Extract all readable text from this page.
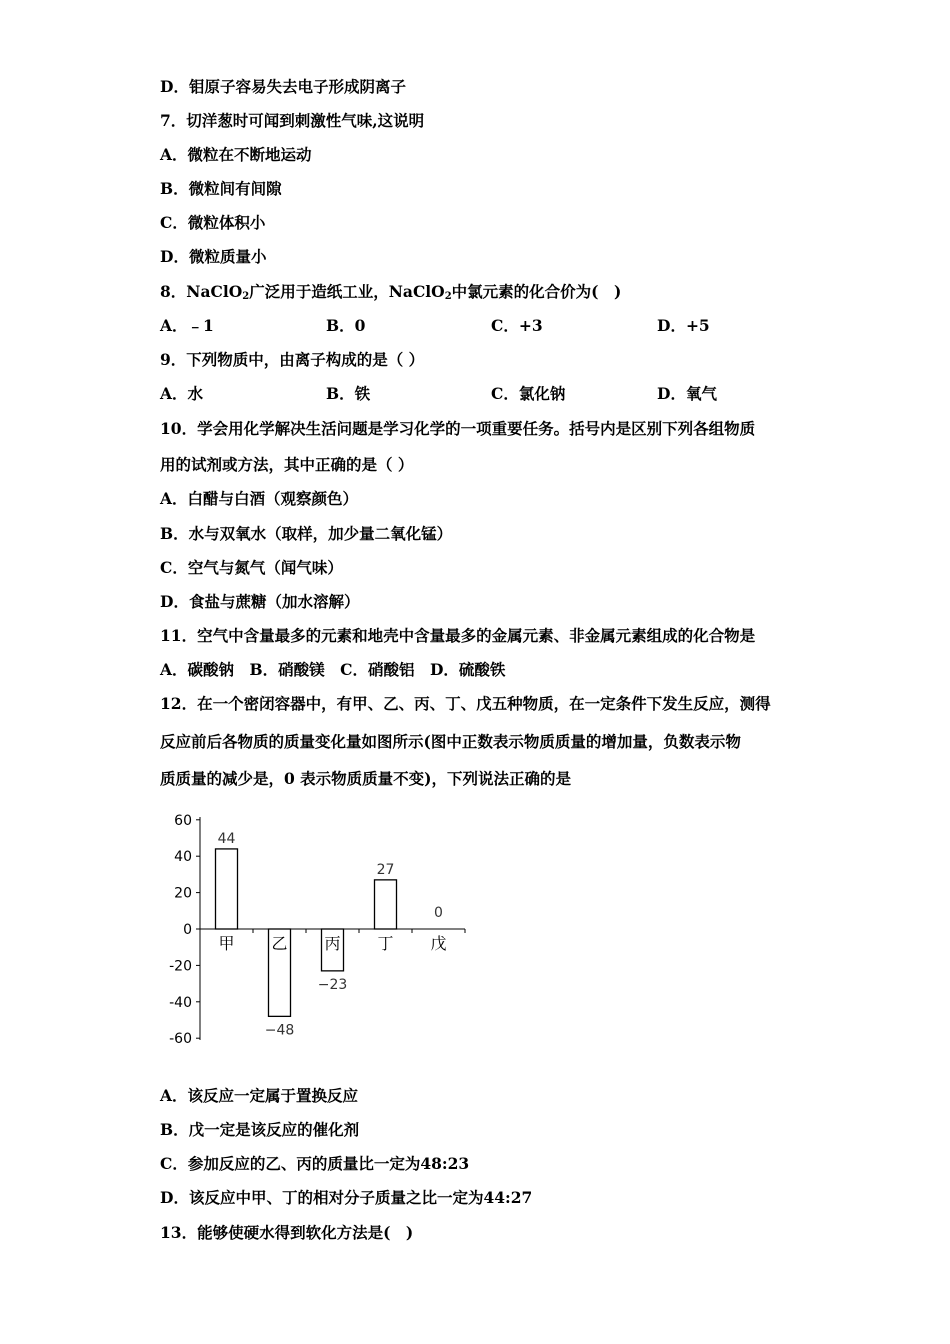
D．钼原子容易失去电子形成阴离子
7．切洋葱时可闻到刺激性气味,这说明
A．微粒在不断地运动
B．微粒间有间隙
C．微粒体积小
D．微粒质量小
8．NaClO$_2$广泛用于造纸工业，NaClO$_2$中氯元素的化合价为(　)
A．﹣1	B．0	C．+3	D．+5
9．下列物质中，由离子构成的是（ ）
A．水	B．铁	C．氯化钠	D．氧气
10．学会用化学解决生活问题是学习化学的一项重要任务。括号内是区别下列各组物质
用的试剂或方法，其中正确的是（ ）
A．白醋与白酒（观察颜色）
B．水与双氧水（取样，加少量二氧化锰）
C．空气与氮气（闻气味）
D．食盐与蔗糖（加水溶解）
11．空气中含量最多的元素和地壳中含量最多的金属元素、非金属元素组成的化合物是
A．碳酸钠　B．硝酸镁　C．硝酸铝　D．硫酸铁
12．在一个密闭容器中，有甲、乙、丙、丁、戊五种物质，在一定条件下发生反应，测得
反应前后各物质的质量变化量如图所示(图中正数表示物质质量的增加量，负数表示物
质质量的减少是，0 表示物质质量不变)，下列说法正确的是
60
40
20
0
-20
-40
-60
甲 乙 丙 丁 戊
44
−48
−23
27
0
A．该反应一定属于置换反应
B．戊一定是该反应的催化剂
C．参加反应的乙、丙的质量比一定为48:23
D．该反应中甲、丁的相对分子质量之比一定为44:27
13．能够使硬水得到软化方法是(　)
